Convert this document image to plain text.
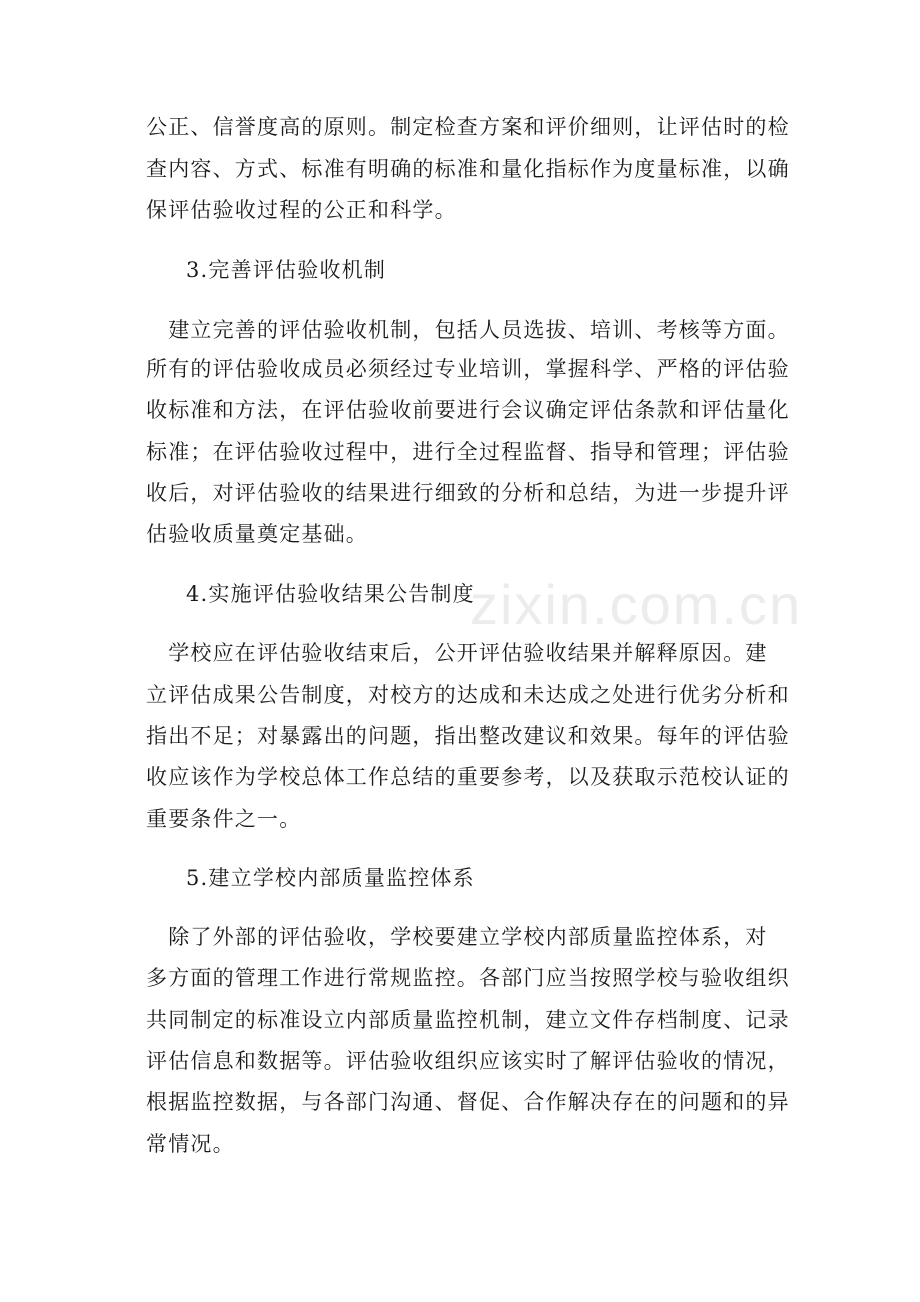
zixin.com.cn
公正、信誉度高的原则。制定检查方案和评价细则，让评估时的检
查内容、方式、标准有明确的标准和量化指标作为度量标准，以确
保评估验收过程的公正和科学。
3.完善评估验收机制
　建立完善的评估验收机制，包括人员选拔、培训、考核等方面。
所有的评估验收成员必须经过专业培训，掌握科学、严格的评估验
收标准和方法，在评估验收前要进行会议确定评估条款和评估量化
标准；在评估验收过程中，进行全过程监督、指导和管理；评估验
收后，对评估验收的结果进行细致的分析和总结，为进一步提升评
估验收质量奠定基础。
4.实施评估验收结果公告制度
　学校应在评估验收结束后，公开评估验收结果并解释原因。建
立评估成果公告制度，对校方的达成和未达成之处进行优劣分析和
指出不足；对暴露出的问题，指出整改建议和效果。每年的评估验
收应该作为学校总体工作总结的重要参考，以及获取示范校认证的
重要条件之一。
5.建立学校内部质量监控体系
　除了外部的评估验收，学校要建立学校内部质量监控体系，对
多方面的管理工作进行常规监控。各部门应当按照学校与验收组织
共同制定的标准设立内部质量监控机制，建立文件存档制度、记录
评估信息和数据等。评估验收组织应该实时了解评估验收的情况，
根据监控数据，与各部门沟通、督促、合作解决存在的问题和的异
常情况。
